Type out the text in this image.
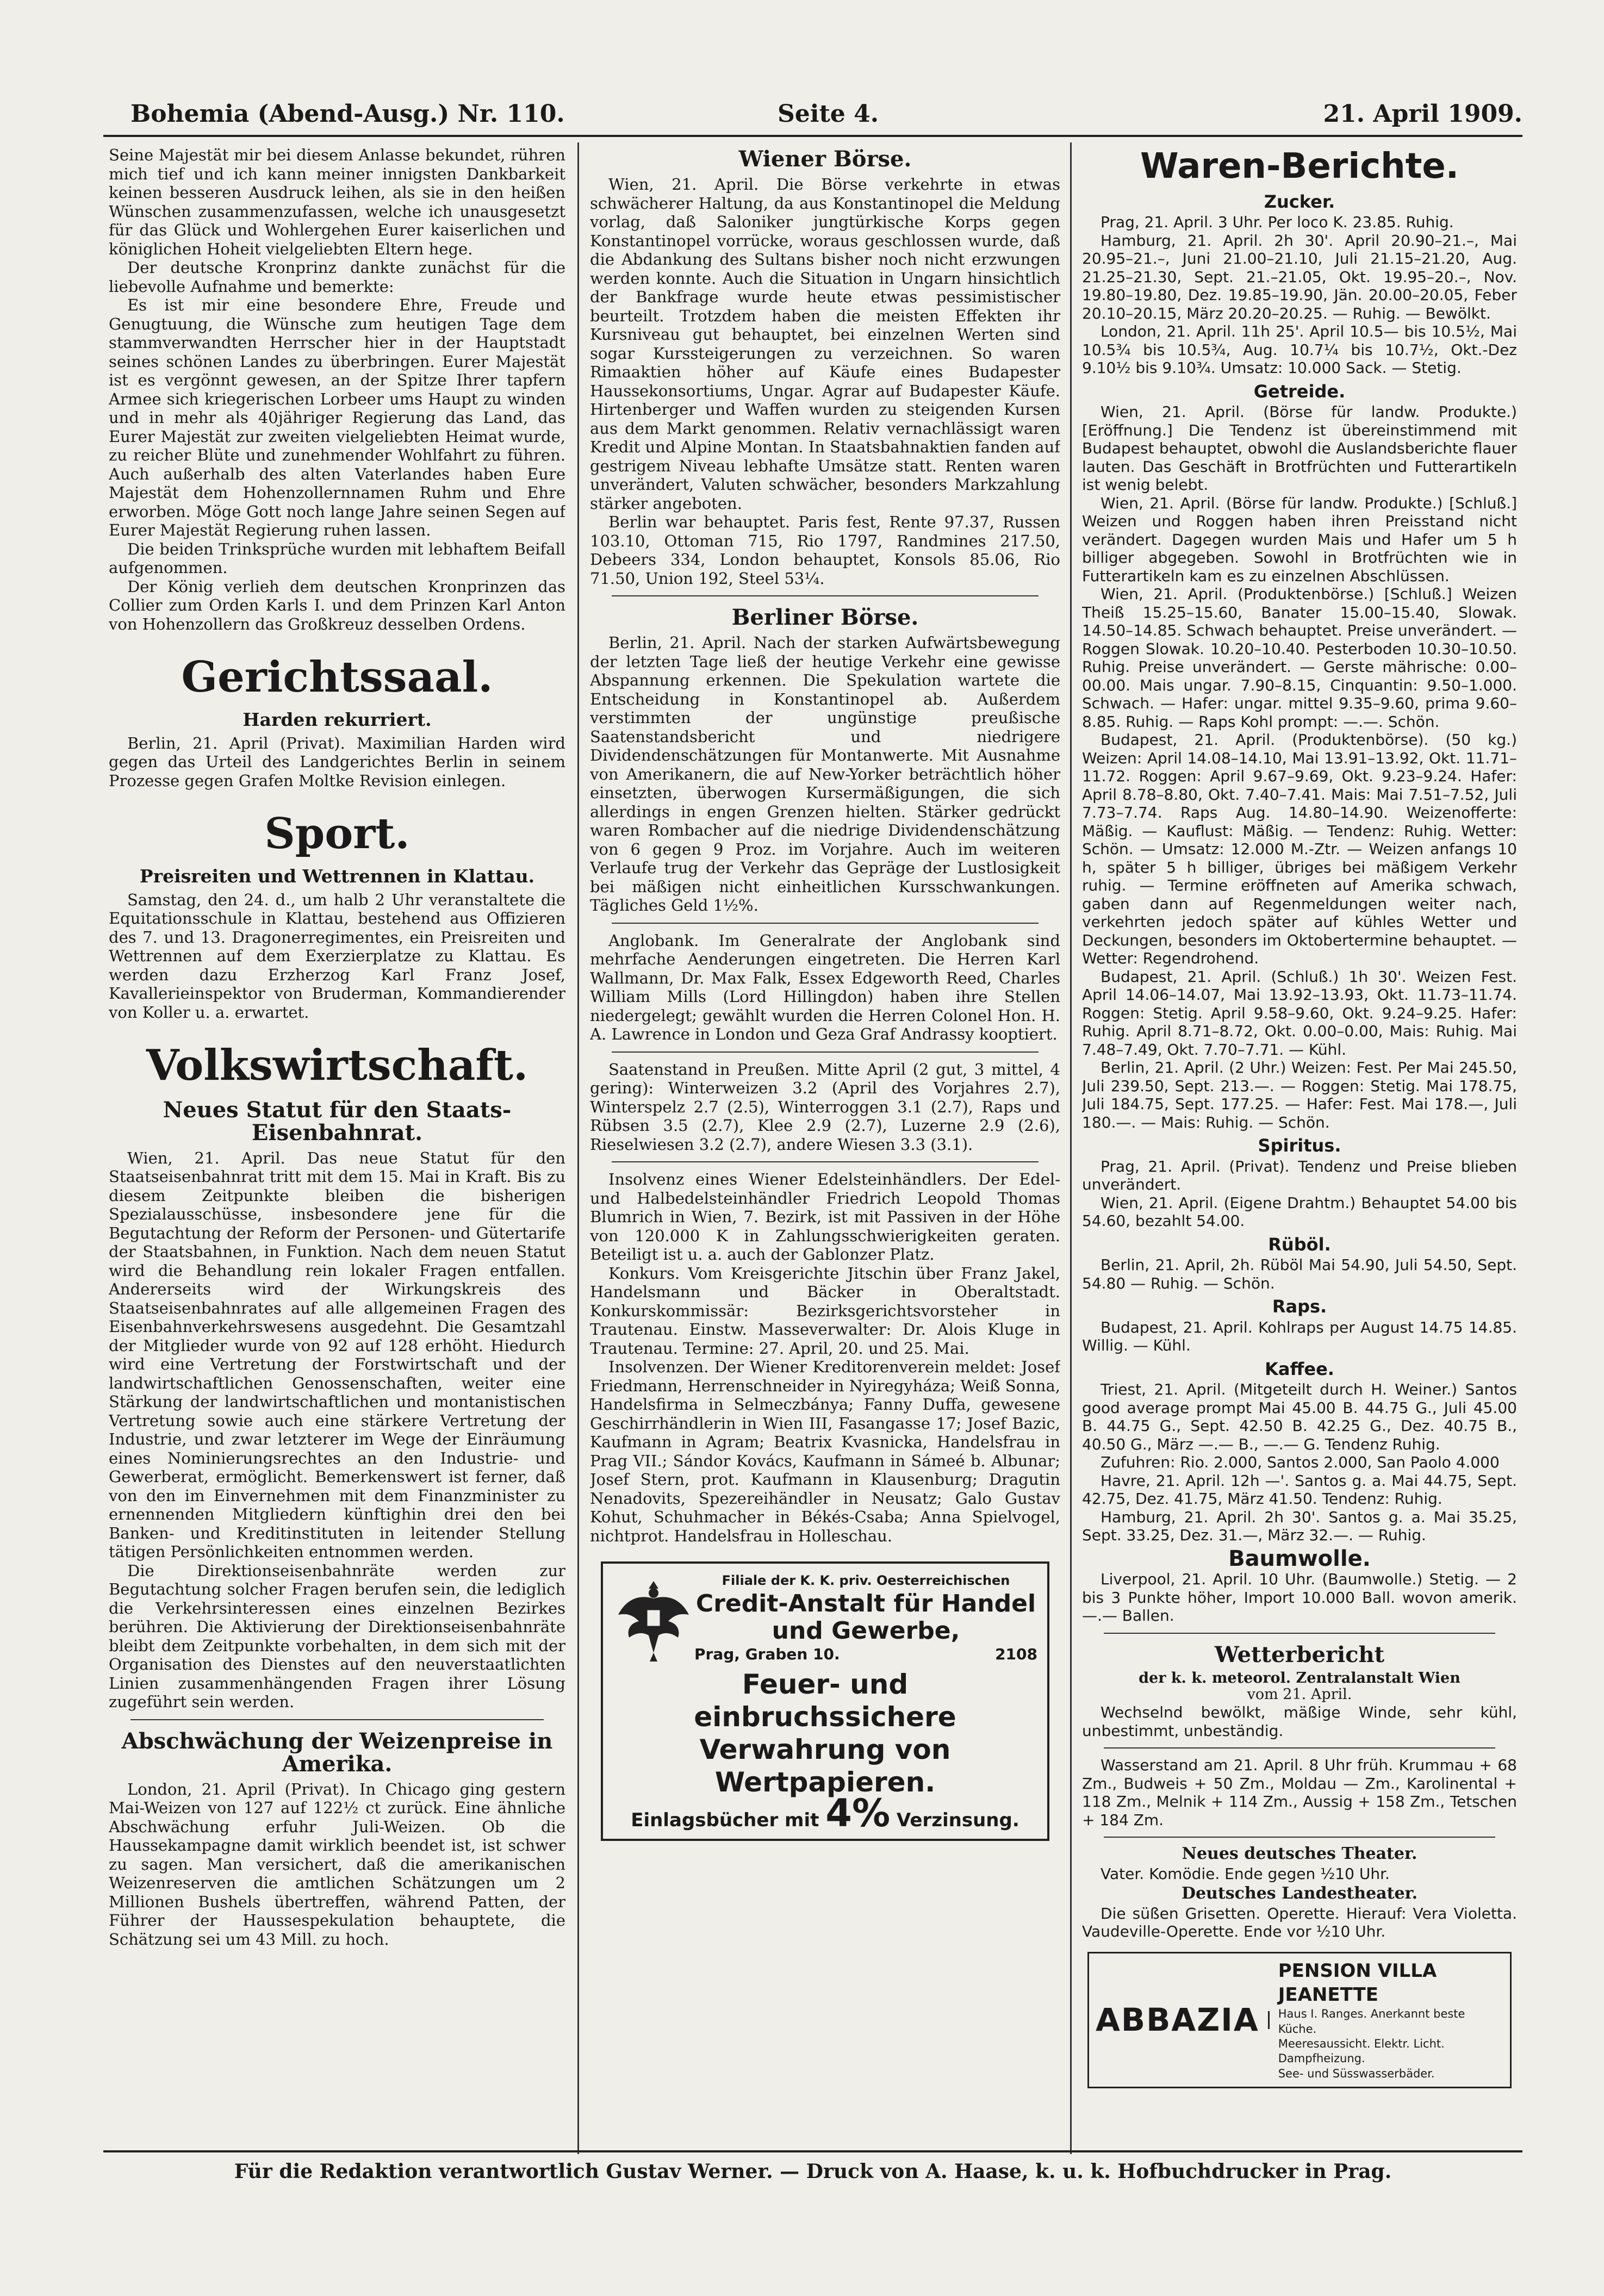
Bohemia (Abend-Ausg.) Nr. 110.	Seite 4.	21. April 1909.

Seine Majestät mir bei diesem Anlasse bekundet, rühren mich tief und ich kann meiner innigsten Dankbarkeit keinen besseren Ausdruck leihen, als sie in den heißen Wünschen zusammenzufassen, welche ich unausgesetzt für das Glück und Wohlergehen Eurer kaiserlichen und königlichen Hoheit vielgeliebten Eltern hege.

Der deutsche Kronprinz dankte zunächst für die liebevolle Aufnahme und bemerkte:

Es ist mir eine besondere Ehre, Freude und Genugtuung, die Wünsche zum heutigen Tage dem stammverwandten Herrscher hier in der Hauptstadt seines schönen Landes zu überbringen. Eurer Majestät ist es vergönnt gewesen, an der Spitze Ihrer tapfern Armee sich kriegerischen Lorbeer ums Haupt zu winden und in mehr als 40jähriger Regierung das Land, das Eurer Majestät zur zweiten vielgeliebten Heimat wurde, zu reicher Blüte und zunehmender Wohlfahrt zu führen. Auch außerhalb des alten Vaterlandes haben Eure Majestät dem Hohenzollernnamen Ruhm und Ehre erworben. Möge Gott noch lange Jahre seinen Segen auf Eurer Majestät Regierung ruhen lassen.

Die beiden Trinksprüche wurden mit lebhaftem Beifall aufgenommen.

Der König verlieh dem deutschen Kronprinzen das Collier zum Orden Karls I. und dem Prinzen Karl Anton von Hohenzollern das Großkreuz desselben Ordens.

Gerichtssaal.
Harden rekurriert.

Berlin, 21. April (Privat). Maximilian Harden wird gegen das Urteil des Landgerichtes Berlin in seinem Prozesse gegen Grafen Moltke Revision einlegen.

Sport.
Preisreiten und Wettrennen in Klattau.

Samstag, den 24. d., um halb 2 Uhr veranstaltete die Equitationsschule in Klattau, bestehend aus Offizieren des 7. und 13. Dragonerregimentes, ein Preisreiten und Wettrennen auf dem Exerzierplatze zu Klattau. Es werden dazu Erzherzog Karl Franz Josef, Kavallerieinspektor von Bruderman, Kommandierender von Koller u. a. erwartet.

Volkswirtschaft.
Neues Statut für den Staats-Eisenbahnrat.

Wien, 21. April. Das neue Statut für den Staatseisenbahnrat tritt mit dem 15. Mai in Kraft. Bis zu diesem Zeitpunkte bleiben die bisherigen Spezialausschüsse, insbesondere jene für die Begutachtung der Reform der Personen- und Gütertarife der Staatsbahnen, in Funktion. Nach dem neuen Statut wird die Behandlung rein lokaler Fragen entfallen. Andererseits wird der Wirkungskreis des Staatseisenbahnrates auf alle allgemeinen Fragen des Eisenbahnverkehrswesens ausgedehnt. Die Gesamtzahl der Mitglieder wurde von 92 auf 128 erhöht. Hiedurch wird eine Vertretung der Forstwirtschaft und der landwirtschaftlichen Genossenschaften, weiter eine Stärkung der landwirtschaftlichen und montanistischen Vertretung sowie auch eine stärkere Vertretung der Industrie, und zwar letzterer im Wege der Einräumung eines Nominierungsrechtes an den Industrie- und Gewerberat, ermöglicht. Bemerkenswert ist ferner, daß von den im Einvernehmen mit dem Finanzminister zu ernennenden Mitgliedern künftighin drei den bei Banken- und Kreditinstituten in leitender Stellung tätigen Persönlichkeiten entnommen werden.

Die Direktionseisenbahnräte werden zur Begutachtung solcher Fragen berufen sein, die lediglich die Verkehrsinteressen eines einzelnen Bezirkes berühren. Die Aktivierung der Direktionseisenbahnräte bleibt dem Zeitpunkte vorbehalten, in dem sich mit der Organisation des Dienstes auf den neuverstaatlichten Linien zusammenhängenden Fragen ihrer Lösung zugeführt sein werden.

Abschwächung der Weizenpreise in Amerika.

London, 21. April (Privat). In Chicago ging gestern Mai-Weizen von 127 auf 122½ ct zurück. Eine ähnliche Abschwächung erfuhr Juli-Weizen. Ob die Haussekampagne damit wirklich beendet ist, ist schwer zu sagen. Man versichert, daß die amerikanischen Weizenreserven die amtlichen Schätzungen um 2 Millionen Bushels übertreffen, während Patten, der Führer der Haussespekulation behauptete, die Schätzung sei um 43 Mill. zu hoch.

Wiener Börse.

Wien, 21. April. Die Börse verkehrte in etwas schwächerer Haltung, da aus Konstantinopel die Meldung vorlag, daß Saloniker jungtürkische Korps gegen Konstantinopel vorrücke, woraus geschlossen wurde, daß die Abdankung des Sultans bisher noch nicht erzwungen werden konnte. Auch die Situation in Ungarn hinsichtlich der Bankfrage wurde heute etwas pessimistischer beurteilt. Trotzdem haben die meisten Effekten ihr Kursniveau gut behauptet, bei einzelnen Werten sind sogar Kurssteigerungen zu verzeichnen. So waren Rimaaktien höher auf Käufe eines Budapester Haussekonsortiums, Ungar. Agrar auf Budapester Käufe. Hirtenberger und Waffen wurden zu steigenden Kursen aus dem Markt genommen. Relativ vernachlässigt waren Kredit und Alpine Montan. In Staatsbahnaktien fanden auf gestrigem Niveau lebhafte Umsätze statt. Renten waren unverändert, Valuten schwächer, besonders Markzahlung stärker angeboten.

Berlin war behauptet. Paris fest, Rente 97.37, Russen 103.10, Ottoman 715, Rio 1797, Randmines 217.50, Debeers 334, London behauptet, Konsols 85.06, Rio 71.50, Union 192, Steel 53¼.

Berliner Börse.

Berlin, 21. April. Nach der starken Aufwärtsbewegung der letzten Tage ließ der heutige Verkehr eine gewisse Abspannung erkennen. Die Spekulation wartete die Entscheidung in Konstantinopel ab. Außerdem verstimmten der ungünstige preußische Saatenstandsbericht und niedrigere Dividendenschätzungen für Montanwerte. Mit Ausnahme von Amerikanern, die auf New-Yorker beträchtlich höher einsetzten, überwogen Kursermäßigungen, die sich allerdings in engen Grenzen hielten. Stärker gedrückt waren Rombacher auf die niedrige Dividendenschätzung von 6 gegen 9 Proz. im Vorjahre. Auch im weiteren Verlaufe trug der Verkehr das Gepräge der Lustlosigkeit bei mäßigen nicht einheitlichen Kursschwankungen. Tägliches Geld 1½%.

Anglobank. Im Generalrate der Anglobank sind mehrfache Aenderungen eingetreten. Die Herren Karl Wallmann, Dr. Max Falk, Essex Edgeworth Reed, Charles William Mills (Lord Hillingdon) haben ihre Stellen niedergelegt; gewählt wurden die Herren Colonel Hon. H. A. Lawrence in London und Geza Graf Andrassy kooptiert.

Saatenstand in Preußen. Mitte April (2 gut, 3 mittel, 4 gering): Winterweizen 3.2 (April des Vorjahres 2.7), Winterspelz 2.7 (2.5), Winterroggen 3.1 (2.7), Raps und Rübsen 3.5 (2.7), Klee 2.9 (2.7), Luzerne 2.9 (2.6), Rieselwiesen 3.2 (2.7), andere Wiesen 3.3 (3.1).

Insolvenz eines Wiener Edelsteinhändlers. Der Edel- und Halbedelsteinhändler Friedrich Leopold Thomas Blumrich in Wien, 7. Bezirk, ist mit Passiven in der Höhe von 120.000 K in Zahlungsschwierigkeiten geraten. Beteiligt ist u. a. auch der Gablonzer Platz.

Konkurs. Vom Kreisgerichte Jitschin über Franz Jakel, Handelsmann und Bäcker in Oberaltstadt. Konkurskommissär: Bezirksgerichtsvorsteher in Trautenau. Einstw. Masseverwalter: Dr. Alois Kluge in Trautenau. Termine: 27. April, 20. und 25. Mai.

Insolvenzen. Der Wiener Kreditorenverein meldet: Josef Friedmann, Herrenschneider in Nyiregyháza; Weiß Sonna, Handelsfirma in Selmeczbánya; Fanny Duffa, gewesene Geschirrhändlerin in Wien III, Fasangasse 17; Josef Bazic, Kaufmann in Agram; Beatrix Kvasnicka, Handelsfrau in Prag VII.; Sándor Kovács, Kaufmann in Sámeé b. Albunar; Josef Stern, prot. Kaufmann in Klausenburg; Dragutin Nenadovits, Spezereihändler in Neusatz; Galo Gustav Kohut, Schuhmacher in Békés-Csaba; Anna Spielvogel, nichtprot. Handelsfrau in Holleschau.

Filiale der K. K. priv. Oesterreichischen
Credit-Anstalt für Handel und Gewerbe,
Prag, Graben 10.	2108
Feuer- und einbruchssichere Verwahrung von Wertpapieren.
Einlagsbücher mit 4% Verzinsung.
Waren-Berichte.
Zucker.

Prag, 21. April. 3 Uhr. Per loco K. 23.85. Ruhig.

Hamburg, 21. April. 2h 30'. April 20.90–21.–, Mai 20.95–21.–, Juni 21.00–21.10, Juli 21.15–21.20, Aug. 21.25–21.30, Sept. 21.–21.05, Okt. 19.95–20.–, Nov. 19.80–19.80, Dez. 19.85–19.90, Jän. 20.00–20.05, Feber 20.10–20.15, März 20.20–20.25. — Ruhig. — Bewölkt.

London, 21. April. 11h 25'. April 10.5— bis 10.5½, Mai 10.5¾ bis 10.5¾, Aug. 10.7¼ bis 10.7½, Okt.-Dez 9.10½ bis 9.10¾. Umsatz: 10.000 Sack. — Stetig.

Getreide.

Wien, 21. April. (Börse für landw. Produkte.) [Eröffnung.] Die Tendenz ist übereinstimmend mit Budapest behauptet, obwohl die Auslandsberichte flauer lauten. Das Geschäft in Brotfrüchten und Futterartikeln ist wenig belebt.

Wien, 21. April. (Börse für landw. Produkte.) [Schluß.] Weizen und Roggen haben ihren Preisstand nicht verändert. Dagegen wurden Mais und Hafer um 5 h billiger abgegeben. Sowohl in Brotfrüchten wie in Futterartikeln kam es zu einzelnen Abschlüssen.

Wien, 21. April. (Produktenbörse.) [Schluß.] Weizen Theiß 15.25–15.60, Banater 15.00–15.40, Slowak. 14.50–14.85. Schwach behauptet. Preise unverändert. — Roggen Slowak. 10.20–10.40. Pesterboden 10.30–10.50. Ruhig. Preise unverändert. — Gerste mährische: 0.00–00.00. Mais ungar. 7.90–8.15, Cinquantin: 9.50–1.000. Schwach. — Hafer: ungar. mittel 9.35–9.60, prima 9.60–8.85. Ruhig. — Raps Kohl prompt: —.—. Schön.

Budapest, 21. April. (Produktenbörse). (50 kg.) Weizen: April 14.08–14.10, Mai 13.91–13.92, Okt. 11.71–11.72. Roggen: April 9.67–9.69, Okt. 9.23–9.24. Hafer: April 8.78–8.80, Okt. 7.40–7.41. Mais: Mai 7.51–7.52, Juli 7.73–7.74. Raps Aug. 14.80–14.90. Weizenofferte: Mäßig. — Kauflust: Mäßig. — Tendenz: Ruhig. Wetter: Schön. — Umsatz: 12.000 M.-Ztr. — Weizen anfangs 10 h, später 5 h billiger, übriges bei mäßigem Verkehr ruhig. — Termine eröffneten auf Amerika schwach, gaben dann auf Regenmeldungen weiter nach, verkehrten jedoch später auf kühles Wetter und Deckungen, besonders im Oktobertermine behauptet. — Wetter: Regendrohend.

Budapest, 21. April. (Schluß.) 1h 30'. Weizen Fest. April 14.06–14.07, Mai 13.92–13.93, Okt. 11.73–11.74. Roggen: Stetig. April 9.58–9.60, Okt. 9.24–9.25. Hafer: Ruhig. April 8.71–8.72, Okt. 0.00–0.00, Mais: Ruhig. Mai 7.48–7.49, Okt. 7.70–7.71. — Kühl.

Berlin, 21. April. (2 Uhr.) Weizen: Fest. Per Mai 245.50, Juli 239.50, Sept. 213.—. — Roggen: Stetig. Mai 178.75, Juli 184.75, Sept. 177.25. — Hafer: Fest. Mai 178.—, Juli 180.—. — Mais: Ruhig. — Schön.

Spiritus.

Prag, 21. April. (Privat). Tendenz und Preise blieben unverändert.

Wien, 21. April. (Eigene Drahtm.) Behauptet 54.00 bis 54.60, bezahlt 54.00.

Rüböl.

Berlin, 21. April, 2h. Rüböl Mai 54.90, Juli 54.50, Sept. 54.80 — Ruhig. — Schön.

Raps.

Budapest, 21. April. Kohlraps per August 14.75 14.85. Willig. — Kühl.

Kaffee.

Triest, 21. April. (Mitgeteilt durch H. Weiner.) Santos good average prompt Mai 45.00 B. 44.75 G., Juli 45.00 B. 44.75 G., Sept. 42.50 B. 42.25 G., Dez. 40.75 B., 40.50 G., März —.— B., —.— G. Tendenz Ruhig.

Zufuhren: Rio. 2.000, Santos 2.000, San Paolo 4.000

Havre, 21. April. 12h —'. Santos g. a. Mai 44.75, Sept. 42.75, Dez. 41.75, März 41.50. Tendenz: Ruhig.

Hamburg, 21. April. 2h 30'. Santos g. a. Mai 35.25, Sept. 33.25, Dez. 31.—, März 32.—. — Ruhig.

Baumwolle.

Liverpool, 21. April. 10 Uhr. (Baumwolle.) Stetig. — 2 bis 3 Punkte höher, Import 10.000 Ball. wovon amerik. —.— Ballen.

Wetterbericht
der k. k. meteorol. Zentralanstalt Wien
vom 21. April.

Wechselnd bewölkt, mäßige Winde, sehr kühl, unbestimmt, unbeständig.

Wasserstand am 21. April. 8 Uhr früh. Krummau + 68 Zm., Budweis + 50 Zm., Moldau — Zm., Karolinental + 118 Zm., Melnik + 114 Zm., Aussig + 158 Zm., Tetschen + 184 Zm.

Neues deutsches Theater.

Vater. Komödie. Ende gegen ½10 Uhr.

Deutsches Landestheater.

Die süßen Grisetten. Operette. Hierauf: Vera Violetta. Vaudeville-Operette. Ende vor ½10 Uhr.

ABBAZIA
PENSION VILLA JEANETTE
Haus I. Ranges. Anerkannt beste Küche.
Meeresaussicht. Elektr. Licht. Dampfheizung.
See- und Süsswasserbäder.
Für die Redaktion verantwortlich Gustav Werner. — Druck von A. Haase, k. u. k. Hofbuchdrucker in Prag.
